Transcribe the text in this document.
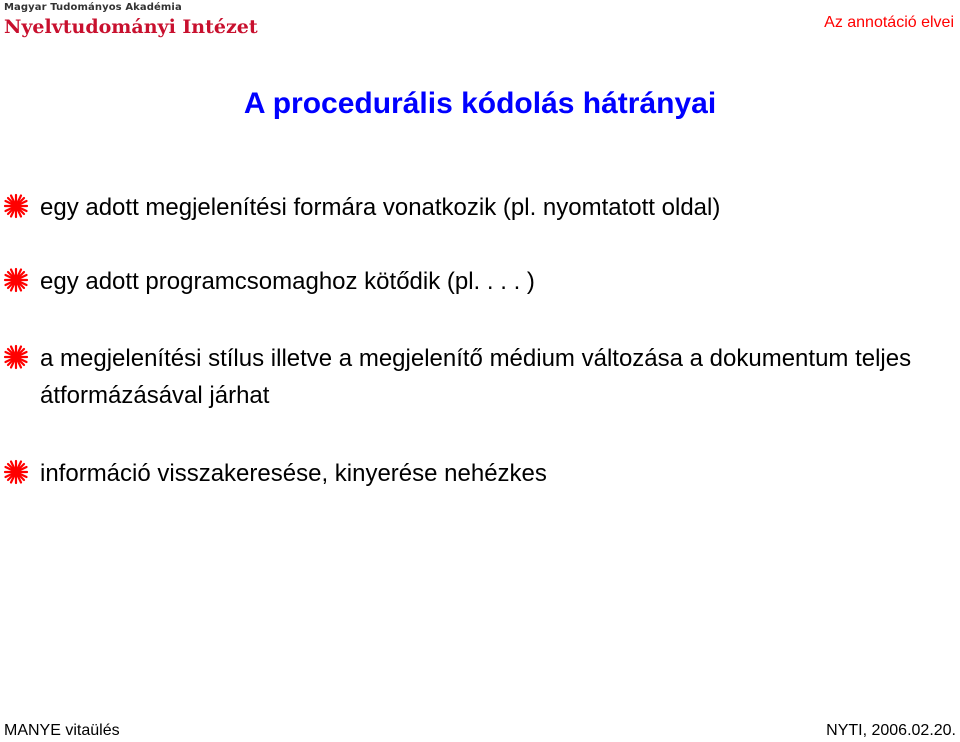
Magyar Tudományos Akadémia
Nyelvtudományi Intézet	Az annotáció elvei
A procedurális kódolás hátrányai
egy adott megjelenítési formára vonatkozik (pl. nyomtatott oldal)
egy adott programcsomaghoz kötődik (pl. . . . )
a megjelenítési stílus illetve a megjelenítő médium változása a dokumentum teljes átformázásával járhat
információ visszakeresése, kinyerése nehézkes
MANYE vitaülés	NYTI, 2006.02.20.
